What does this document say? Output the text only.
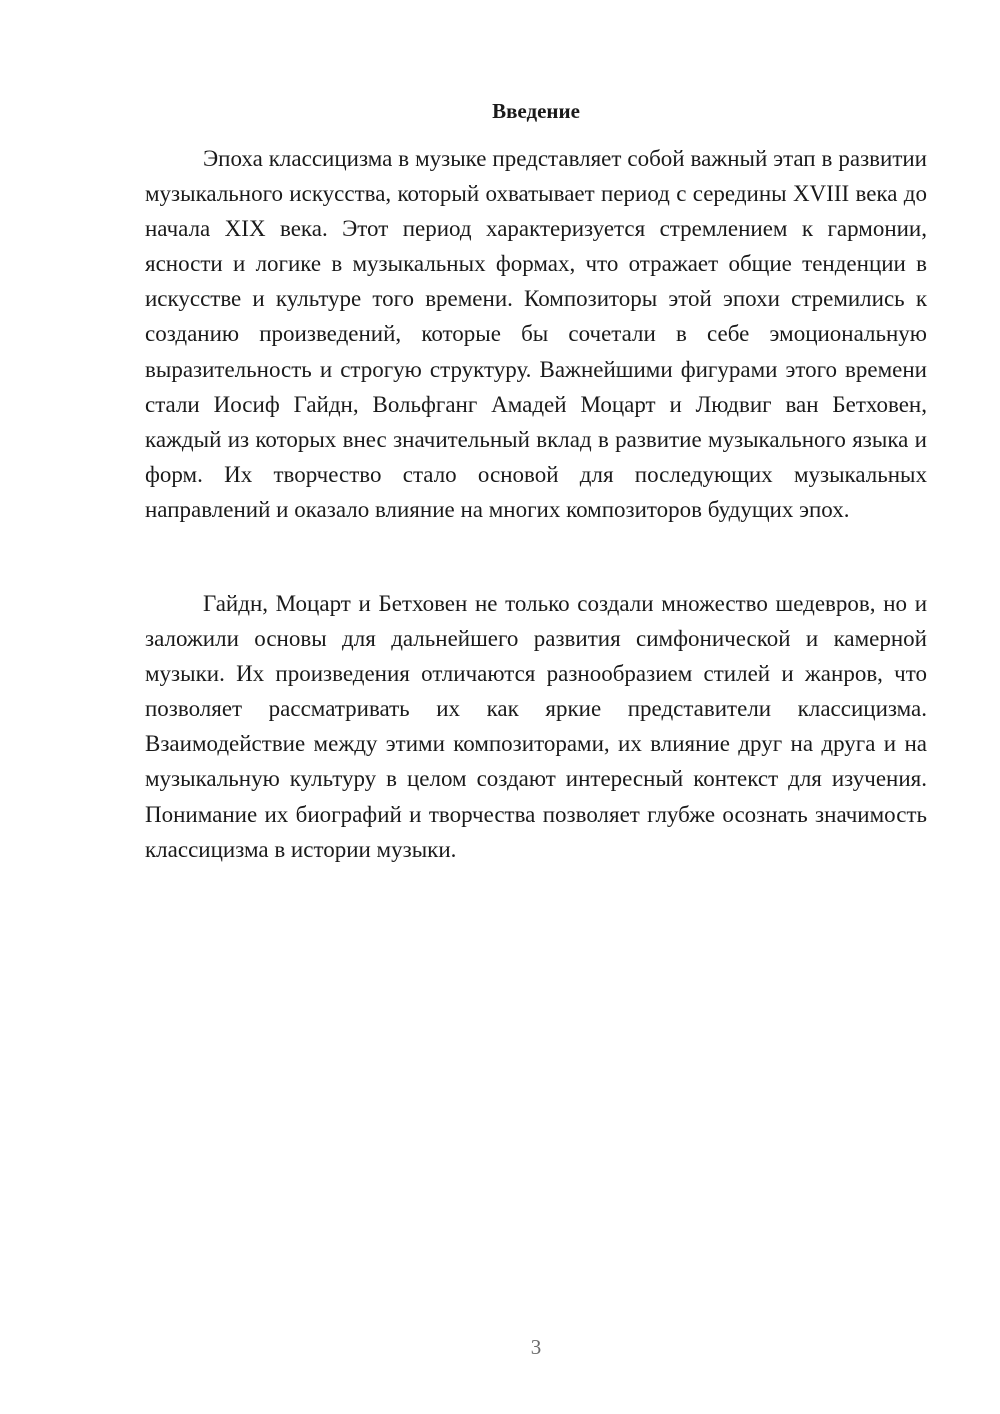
Введение

Эпоха классицизма в музыке представляет собой важный этап в развитии музыкального искусства, который охватывает период с середины XVIII века до начала XIX века. Этот период характеризуется стремлением к гармонии, ясности и логике в музыкальных формах, что отражает общие тенденции в искусстве и культуре того времени. Композиторы этой эпохи стремились к созданию произведений, которые бы сочетали в себе эмоциональную выразительность и строгую структуру. Важнейшими фигурами этого времени стали Иосиф Гайдн, Вольфганг Амадей Моцарт и Людвиг ван Бетховен, каждый из которых внес значительный вклад в развитие музыкального языка и форм. Их творчество стало основой для последующих музыкальных направлений и оказало влияние на многих композиторов будущих эпох.

Гайдн, Моцарт и Бетховен не только создали множество шедевров, но и заложили основы для дальнейшего развития симфонической и камерной музыки. Их произведения отличаются разнообразием стилей и жанров, что позволяет рассматривать их как яркие представители классицизма. Взаимодействие между этими композиторами, их влияние друг на друга и на музыкальную культуру в целом создают интересный контекст для изучения. Понимание их биографий и творчества позволяет глубже осознать значимость классицизма в истории музыки.

3
